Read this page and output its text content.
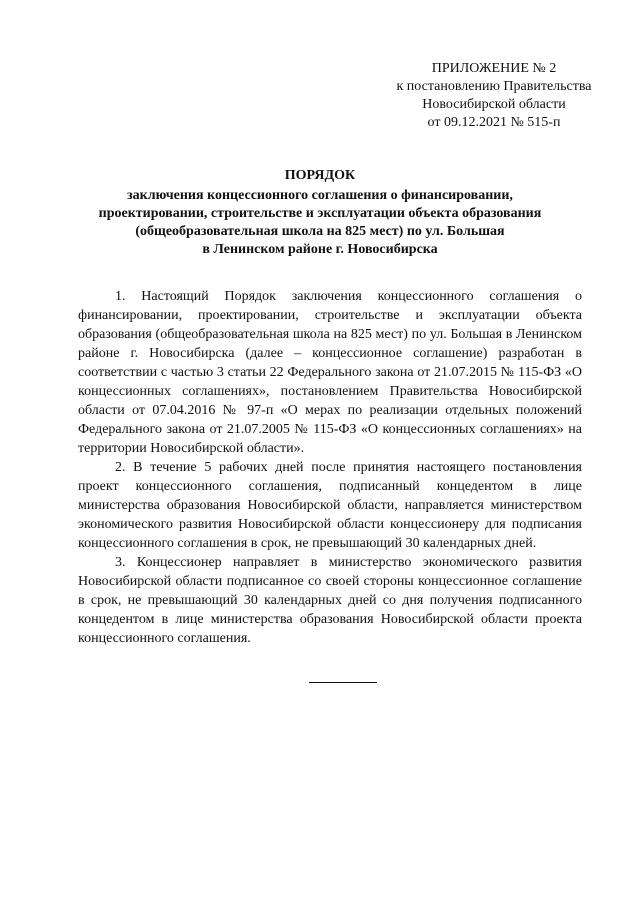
ПРИЛОЖЕНИЕ № 2
к постановлению Правительства
Новосибирской области
от 09.12.2021 № 515-п
ПОРЯДОК
заключения концессионного соглашения о финансировании,
проектировании, строительстве и эксплуатации объекта образования
(общеобразовательная школа на 825 мест) по ул. Большая
в Ленинском районе г. Новосибирска

1. Настоящий Порядок заключения концессионного соглашения о финансировании, проектировании, строительстве и эксплуатации объекта образования (общеобразовательная школа на 825 мест) по ул. Большая в Ленинском районе г. Новосибирска (далее – концессионное соглашение) разработан в соответствии с частью 3 статьи 22 Федерального закона от 21.07.2015 № 115-ФЗ «О концессионных соглашениях», постановлением Правительства Новосибирской области от 07.04.2016 № 97-п «О мерах по реализации отдельных положений Федерального закона от 21.07.2005 № 115-ФЗ «О концессионных соглашениях» на территории Новосибирской области».

2. В течение 5 рабочих дней после принятия настоящего постановления проект концессионного соглашения, подписанный концедентом в лице министерства образования Новосибирской области, направляется министерством экономического развития Новосибирской области концессионеру для подписания концессионного соглашения в срок, не превышающий 30 календарных дней.

3. Концессионер направляет в министерство экономического развития Новосибирской области подписанное со своей стороны концессионное соглашение в срок, не превышающий 30 календарных дней со дня получения подписанного концедентом в лице министерства образования Новосибирской области проекта концессионного соглашения.
